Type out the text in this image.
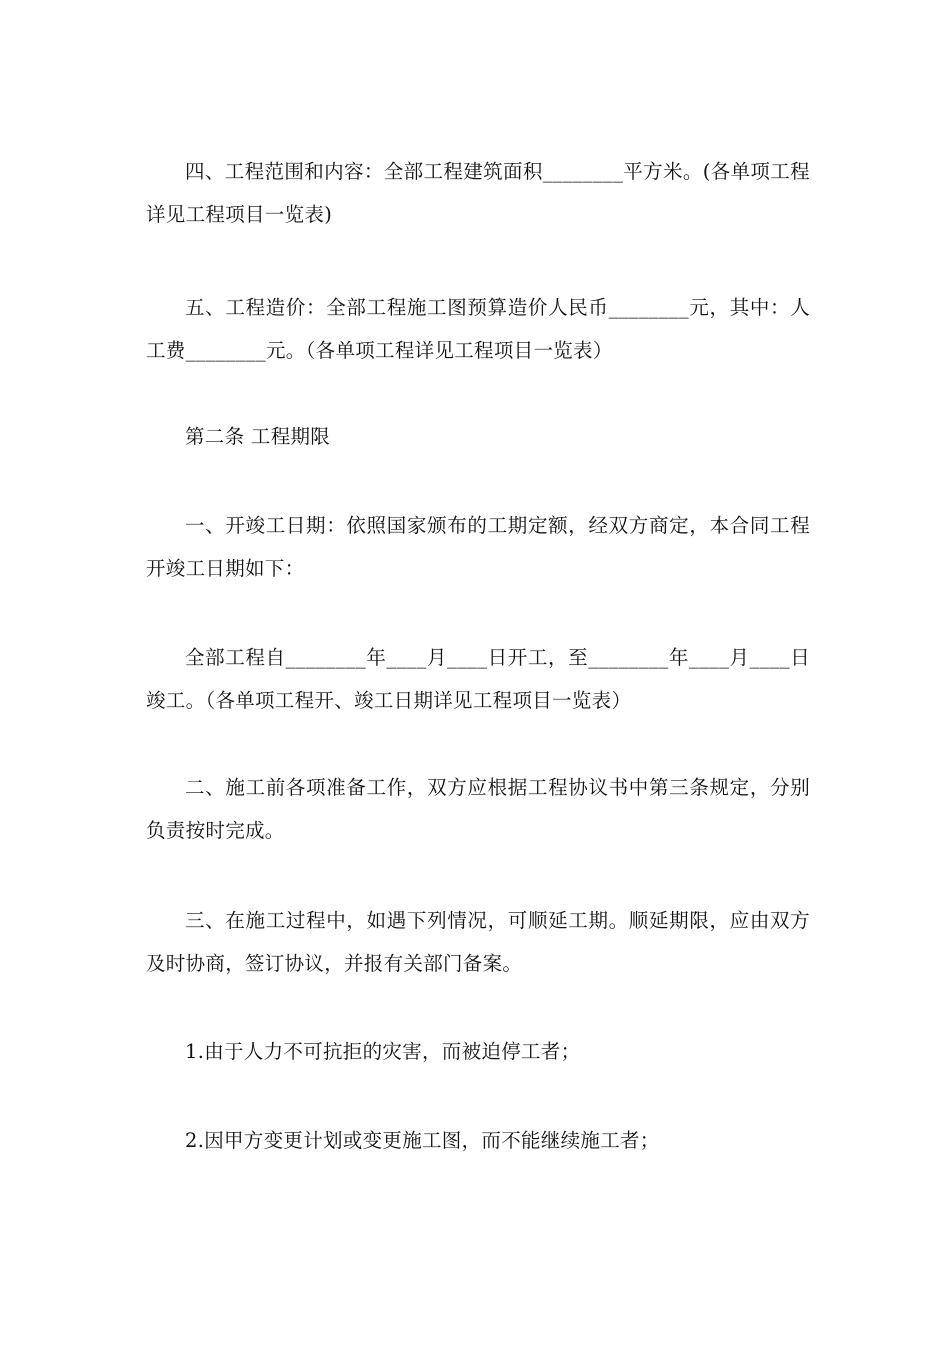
四、工程范围和内容：全部工程建筑面积________平方米。(各单项工程详见工程项目一览表)

五、工程造价：全部工程施工图预算造价人民币________元，其中：人工费________元。（各单项工程详见工程项目一览表）

第二条 工程期限

一、开竣工日期：依照国家颁布的工期定额，经双方商定，本合同工程开竣工日期如下：

全部工程自________年____月____日开工，至________年____月____日竣工。（各单项工程开、竣工日期详见工程项目一览表）

二、施工前各项准备工作，双方应根据工程协议书中第三条规定，分别负责按时完成。

三、在施工过程中，如遇下列情况，可顺延工期。顺延期限，应由双方及时协商，签订协议，并报有关部门备案。

1.由于人力不可抗拒的灾害，而被迫停工者；

2.因甲方变更计划或变更施工图，而不能继续施工者；
